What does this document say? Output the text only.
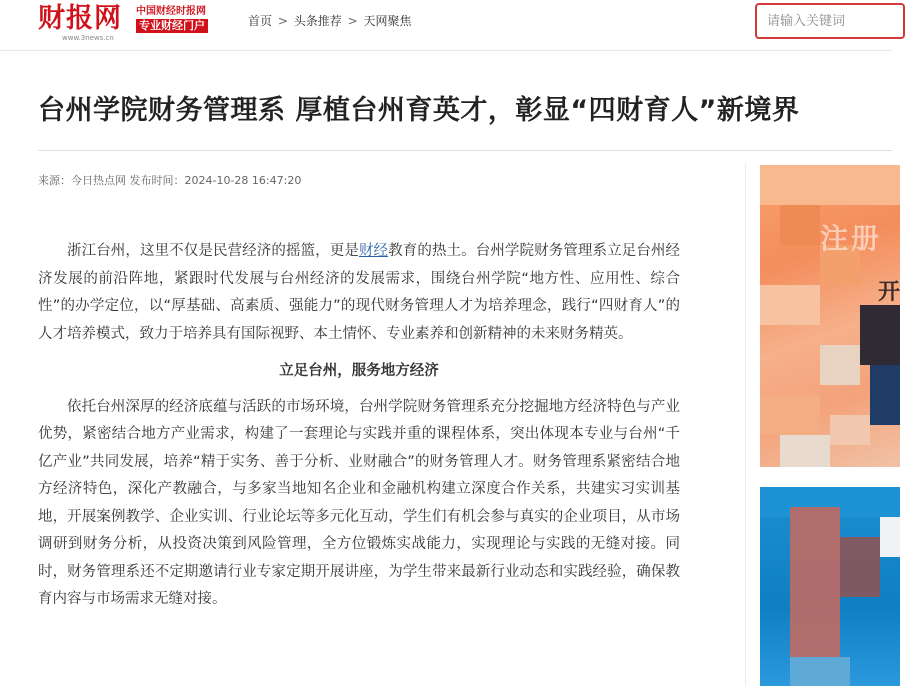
财报网 中国财经时报网
专业财经门户
www.3news.cn
首页 > 头条推荐 > 天网聚焦
请输入关键词
台州学院财务管理系 厚植台州育英才，彰显“四财育人”新境界
来源：今日热点网 发布时间：2024-10-28 16:47:20

浙江台州，这里不仅是民营经济的摇篮，更是财经教育的热土。台州学院财务管理系立足台州经济发展的前沿阵地，紧跟时代发展与台州经济的发展需求，围绕台州学院“地方性、应用性、综合性”的办学定位，以“厚基础、高素质、强能力”的现代财务管理人才为培养理念，践行“四财育人”的人才培养模式，致力于培养具有国际视野、本土情怀、专业素养和创新精神的未来财务精英。

立足台州，服务地方经济

依托台州深厚的经济底蕴与活跃的市场环境，台州学院财务管理系充分挖掘地方经济特色与产业优势，紧密结合地方产业需求，构建了一套理论与实践并重的课程体系，突出体现本专业与台州“千亿产业”共同发展，培养“精于实务、善于分析、业财融合”的财务管理人才。财务管理系紧密结合地方经济特色，深化产教融合，与多家当地知名企业和金融机构建立深度合作关系，共建实习实训基地，开展案例教学、企业实训、行业论坛等多元化互动，学生们有机会参与真实的企业项目，从市场调研到财务分析，从投资决策到风险管理，全方位锻炼实战能力，实现理论与实践的无缝对接。同时，财务管理系还不定期邀请行业专家定期开展讲座，为学生带来最新行业动态和实践经验，确保教育内容与市场需求无缝对接。

注册
开
